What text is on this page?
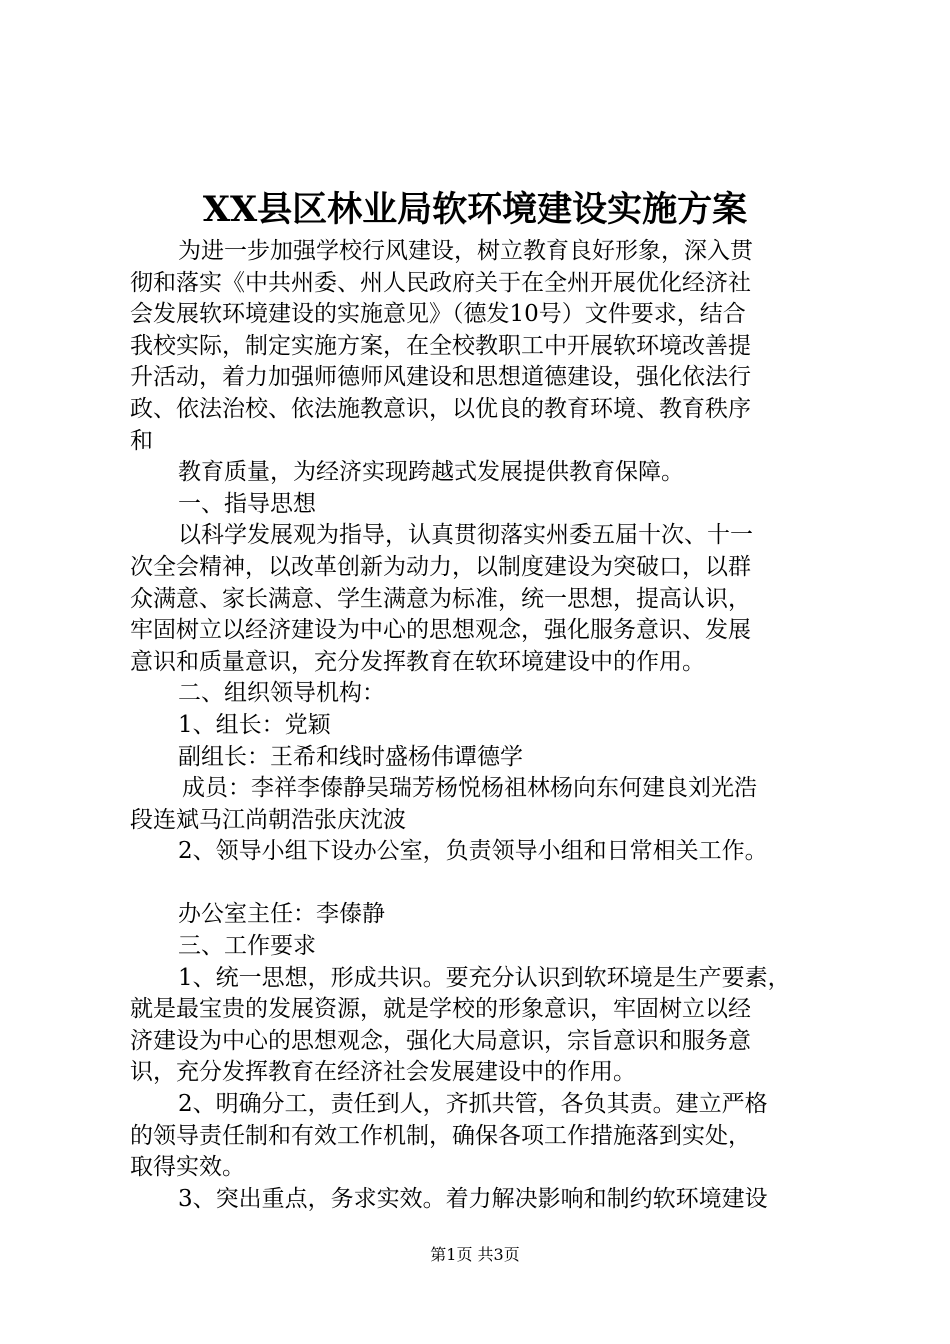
XX县区林业局软环境建设实施方案
为进一步加强学校行风建设，树立教育良好形象，深入贯
彻和落实《中共州委、州人民政府关于在全州开展优化经济社
会发展软环境建设的实施意见》（德发10号）文件要求，结合
我校实际，制定实施方案，在全校教职工中开展软环境改善提
升活动，着力加强师德师风建设和思想道德建设，强化依法行
政、依法治校、依法施教意识，以优良的教育环境、教育秩序
和
教育质量，为经济实现跨越式发展提供教育保障。
一、指导思想
以科学发展观为指导，认真贯彻落实州委五届十次、十一
次全会精神，以改革创新为动力，以制度建设为突破口，以群
众满意、家长满意、学生满意为标准，统一思想，提高认识，
牢固树立以经济建设为中心的思想观念，强化服务意识、发展
意识和质量意识，充分发挥教育在软环境建设中的作用。
二、组织领导机构：
1、组长：党颖
副组长：王希和线时盛杨伟谭德学
成员：李祥李傣静吴瑞芳杨悦杨祖林杨向东何建良刘光浩
段连斌马江尚朝浩张庆沈波
2、领导小组下设办公室，负责领导小组和日常相关工作。
办公室主任：李傣静
三、工作要求
1、统一思想，形成共识。要充分认识到软环境是生产要素，
就是最宝贵的发展资源，就是学校的形象意识，牢固树立以经
济建设为中心的思想观念，强化大局意识，宗旨意识和服务意
识，充分发挥教育在经济社会发展建设中的作用。
2、明确分工，责任到人，齐抓共管，各负其责。建立严格
的领导责任制和有效工作机制，确保各项工作措施落到实处，
取得实效。
3、突出重点，务求实效。着力解决影响和制约软环境建设
第1页 共3页
